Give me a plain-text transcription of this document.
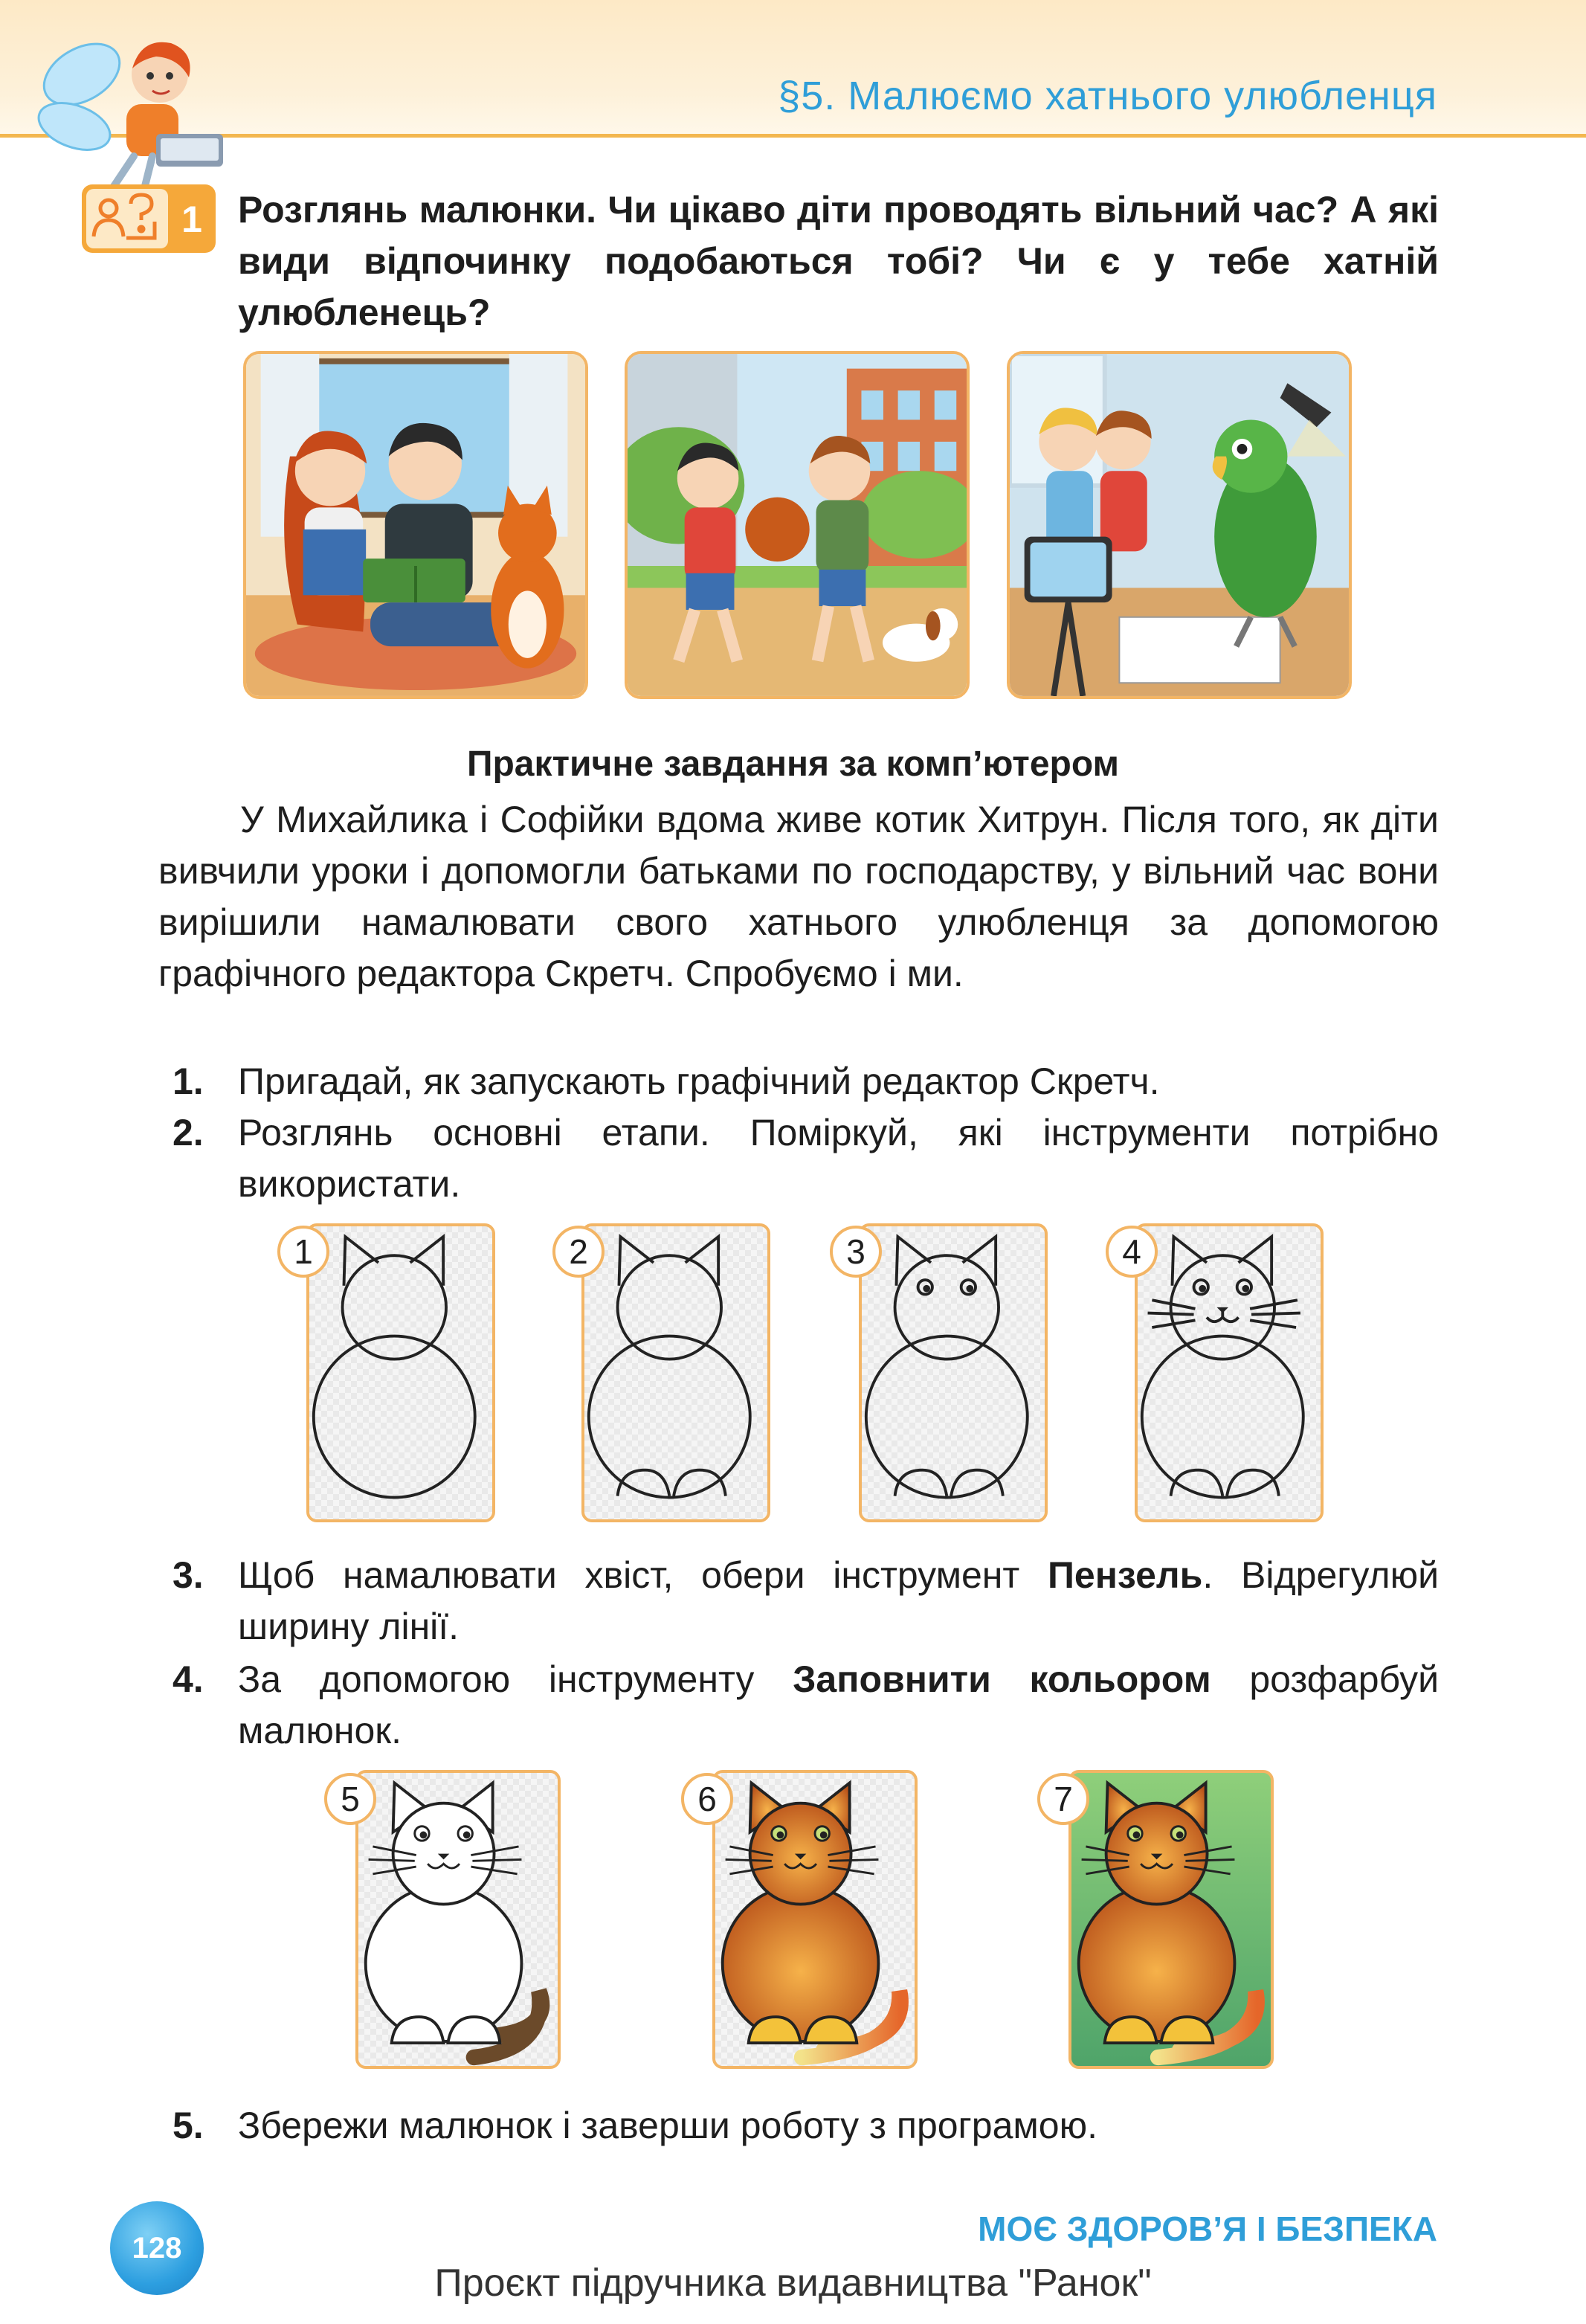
§5. Малюємо хатнього улюбленця
1 Розглянь малюнки. Чи цікаво діти проводять вільний час? А які види відпочинку подобаються тобі? Чи є у тебе хатній улюбленець?
Практичне завдання за комп’ютером
У Михайлика і Софійки вдома живе котик Хитрун. Після того, як діти вивчили уроки і допомогли батьками по господарству, у вільний час вони вирішили намалювати свого хатнього улюбленця за допомогою графічного редактора Скретч. Спробуємо і ми.
1. Пригадай, як запускають графічний редактор Скретч.
2. Розглянь основні етапи. Поміркуй, які інструменти потрібно використати.
1	2	3	4
3. Щоб намалювати хвіст, обери інструмент Пензель. Відрегулюй ширину лінії.
4. За допомогою інструменту Заповнити кольором розфарбуй малюнок.
5	6	7
5. Збережи малюнок і заверши роботу з програмою.
128	МОЄ ЗДОРОВ’Я І БЕЗПЕКА
Проєкт підручника видавництва "Ранок"
